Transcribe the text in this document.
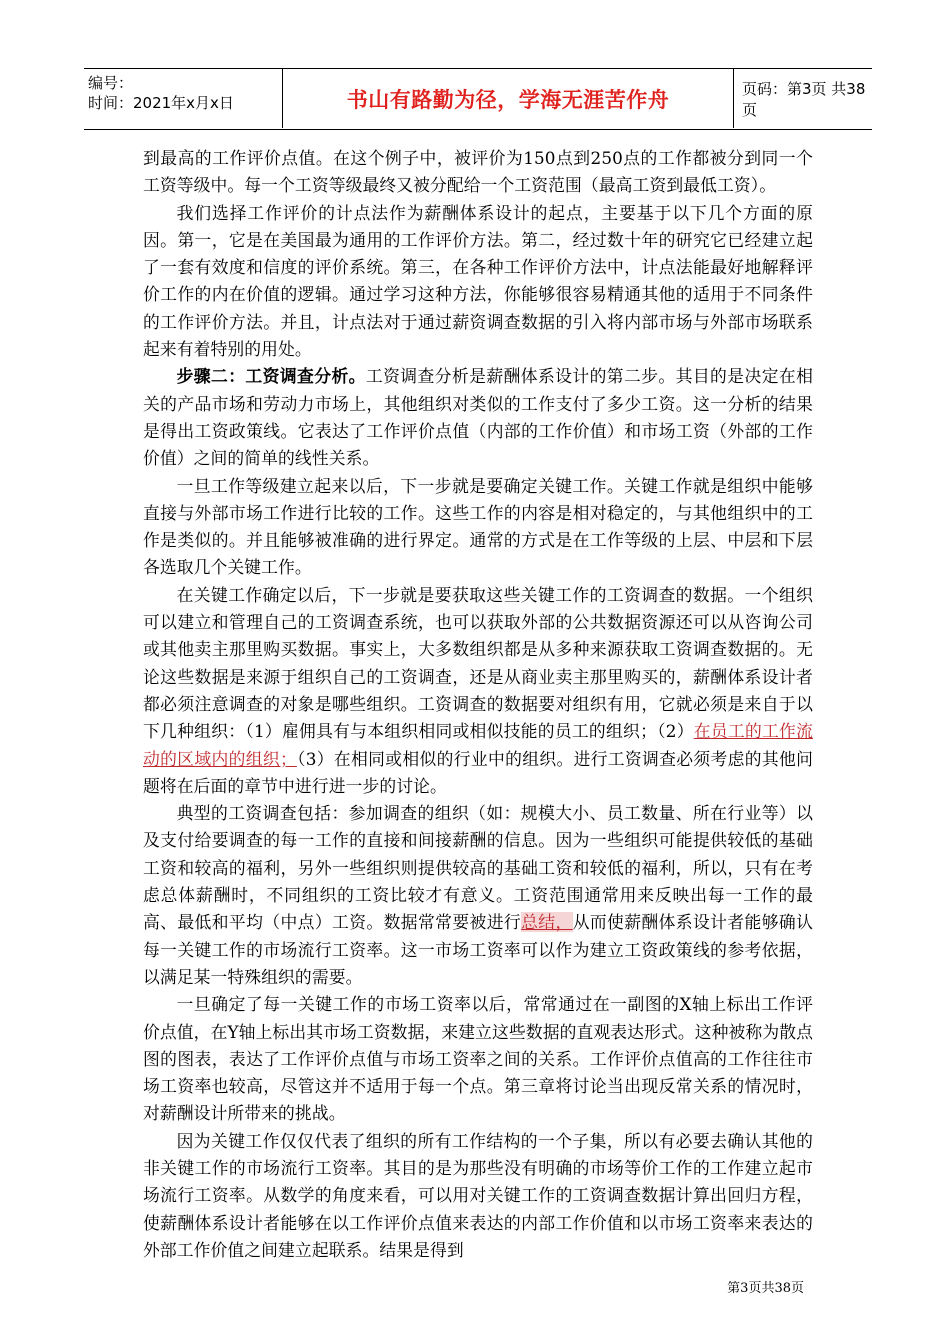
编号：
时间：2021年x月x日	书山有路勤为径，学海无涯苦作舟	页码：第3页 共38页

到最高的工作评价点值。在这个例子中，被评价为150点到250点的工作都被分到同一个工资等级中。每一个工资等级最终又被分配给一个工资范围（最高工资到最低工资）。

我们选择工作评价的计点法作为薪酬体系设计的起点，主要基于以下几个方面的原因。第一，它是在美国最为通用的工作评价方法。第二，经过数十年的研究它已经建立起了一套有效度和信度的评价系统。第三，在各种工作评价方法中，计点法能最好地解释评价工作的内在价值的逻辑。通过学习这种方法，你能够很容易精通其他的适用于不同条件的工作评价方法。并且，计点法对于通过薪资调查数据的引入将内部市场与外部市场联系起来有着特别的用处。

步骤二：工资调查分析。工资调查分析是薪酬体系设计的第二步。其目的是决定在相关的产品市场和劳动力市场上，其他组织对类似的工作支付了多少工资。这一分析的结果是得出工资政策线。它表达了工作评价点值（内部的工作价值）和市场工资（外部的工作价值）之间的简单的线性关系。

一旦工作等级建立起来以后，下一步就是要确定关键工作。关键工作就是组织中能够直接与外部市场工作进行比较的工作。这些工作的内容是相对稳定的，与其他组织中的工作是类似的。并且能够被准确的进行界定。通常的方式是在工作等级的上层、中层和下层各选取几个关键工作。

在关键工作确定以后，下一步就是要获取这些关键工作的工资调查的数据。一个组织可以建立和管理自己的工资调查系统，也可以获取外部的公共数据资源还可以从咨询公司或其他卖主那里购买数据。事实上，大多数组织都是从多种来源获取工资调查数据的。无论这些数据是来源于组织自己的工资调查，还是从商业卖主那里购买的，薪酬体系设计者都必须注意调查的对象是哪些组织。工资调查的数据要对组织有用，它就必须是来自于以下几种组织：（1）雇佣具有与本组织相同或相似技能的员工的组织；（2）在员工的工作流动的区域内的组织；（3）在相同或相似的行业中的组织。进行工资调查必须考虑的其他问题将在后面的章节中进行进一步的讨论。

典型的工资调查包括：参加调查的组织（如：规模大小、员工数量、所在行业等）以及支付给要调查的每一工作的直接和间接薪酬的信息。因为一些组织可能提供较低的基础工资和较高的福利，另外一些组织则提供较高的基础工资和较低的福利，所以，只有在考虑总体薪酬时，不同组织的工资比较才有意义。工资范围通常用来反映出每一工作的最高、最低和平均（中点）工资。数据常常要被进行总结，从而使薪酬体系设计者能够确认每一关键工作的市场流行工资率。这一市场工资率可以作为建立工资政策线的参考依据，以满足某一特殊组织的需要。

一旦确定了每一关键工作的市场工资率以后，常常通过在一副图的X轴上标出工作评价点值，在Y轴上标出其市场工资数据，来建立这些数据的直观表达形式。这种被称为散点图的图表，表达了工作评价点值与市场工资率之间的关系。工作评价点值高的工作往往市场工资率也较高，尽管这并不适用于每一个点。第三章将讨论当出现反常关系的情况时，对薪酬设计所带来的挑战。

因为关键工作仅仅代表了组织的所有工作结构的一个子集，所以有必要去确认其他的非关键工作的市场流行工资率。其目的是为那些没有明确的市场等价工作的工作建立起市场流行工资率。从数学的角度来看，可以用对关键工作的工资调查数据计算出回归方程，使薪酬体系设计者能够在以工作评价点值来表达的内部工作价值和以市场工资率来表达的外部工作价值之间建立起联系。结果是得到

第3页共38页
